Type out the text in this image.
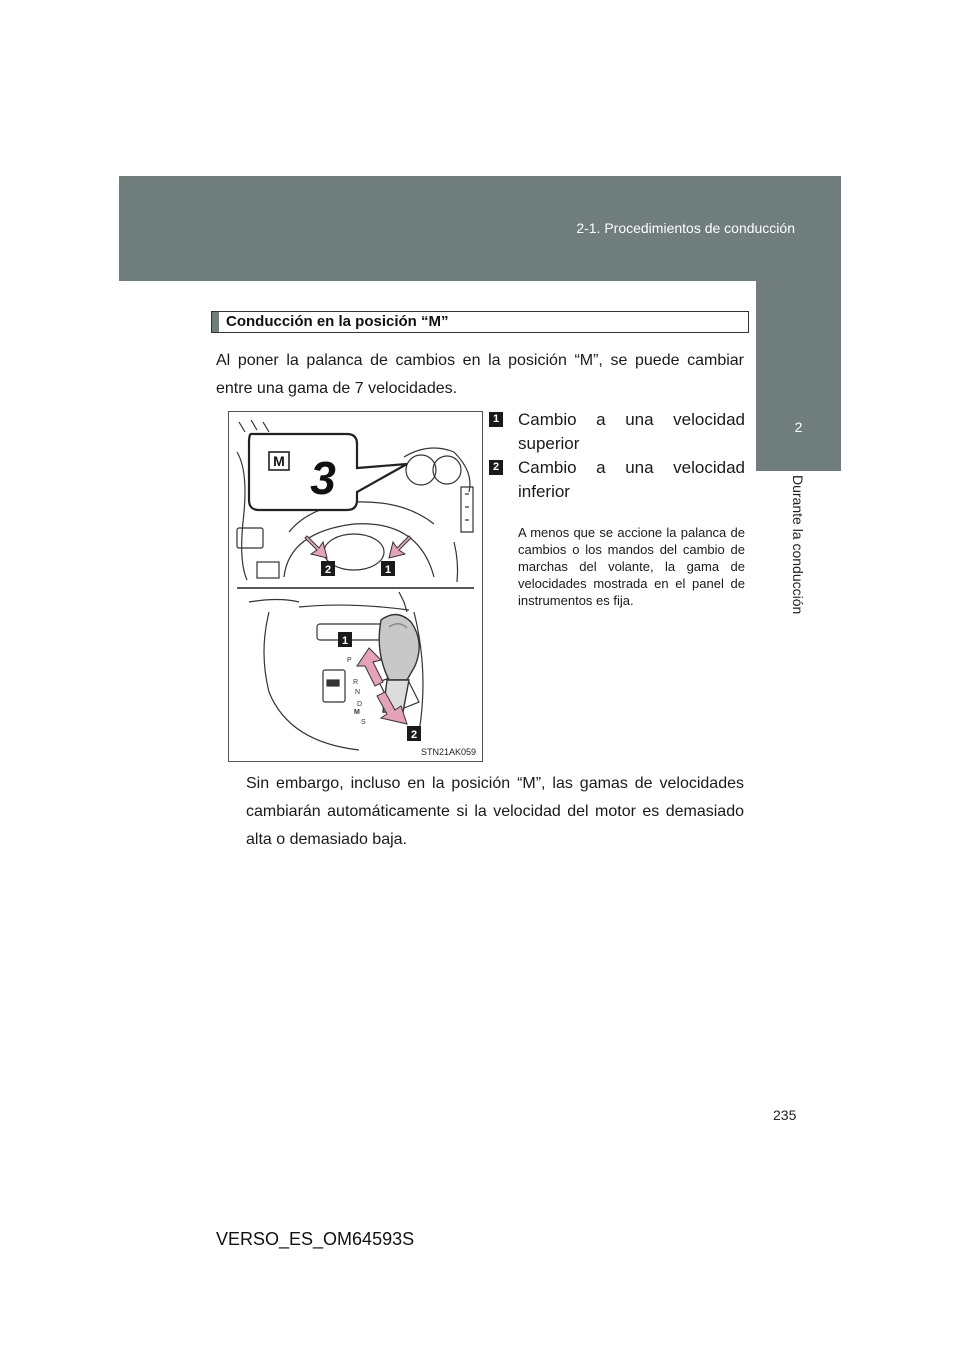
2-1. Procedimientos de conducción
2
Durante la conducción
Conducción en la posición “M”
Al poner la palanca de cambios en la posición “M”, se puede cambiar entre una gama de 7 velocidades.
M 3
2	1
P
R
N
D
M
S
1
2
STN21AK059
1 Cambio a una velocidad
superior
2 Cambio a una velocidad
inferior
A menos que se accione la palanca de cambios o los mandos del cambio de marchas del volante, la gama de velocidades mostrada en el panel de instrumentos es fija.
Sin embargo, incluso en la posición “M”, las gamas de velocidades cambiarán automáticamente si la velocidad del motor es demasiado alta o demasiado baja.
235
VERSO_ES_OM64593S
